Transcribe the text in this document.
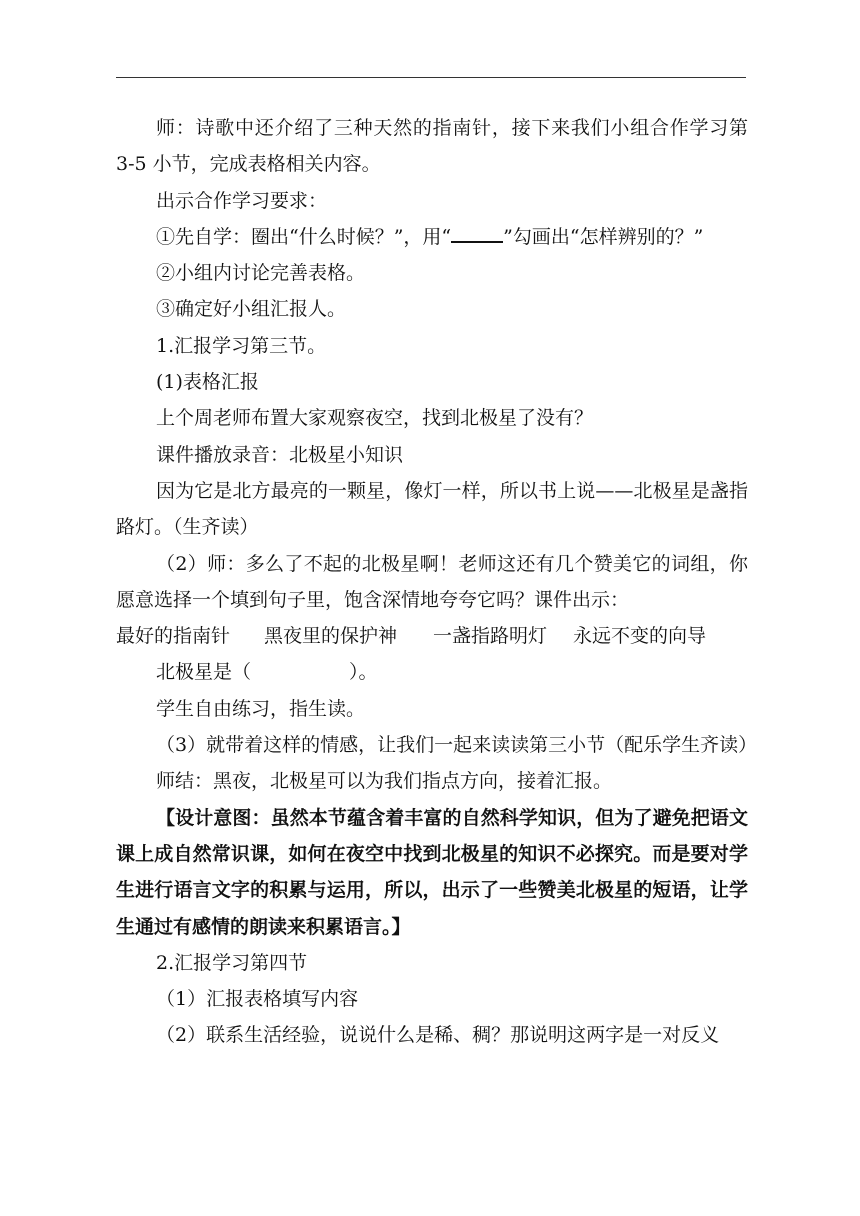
师：诗歌中还介绍了三种天然的指南针，接下来我们小组合作学习第 3-5 小节，完成表格相关内容。

出示合作学习要求：

①先自学：圈出“什么时候？”，用“	”勾画出“怎样辨别的？”

②小组内讨论完善表格。

③确定好小组汇报人。

1.汇报学习第三节。

(1)表格汇报

上个周老师布置大家观察夜空，找到北极星了没有？

课件播放录音：北极星小知识

因为它是北方最亮的一颗星，像灯一样，所以书上说——北极星是盏指路灯。（生齐读）

（2）师：多么了不起的北极星啊！老师这还有几个赞美它的词组，你愿意选择一个填到句子里，饱含深情地夸夸它吗？课件出示：

最好的指南针 黑夜里的保护神 一盏指路明灯 永远不变的向导

北极星是（	）。

学生自由练习，指生读。

（3）就带着这样的情感，让我们一起来读读第三小节（配乐学生齐读）

师结：黑夜，北极星可以为我们指点方向，接着汇报。

【设计意图：虽然本节蕴含着丰富的自然科学知识，但为了避免把语文课上成自然常识课，如何在夜空中找到北极星的知识不必探究。而是要对学生进行语言文字的积累与运用，所以，出示了一些赞美北极星的短语，让学生通过有感情的朗读来积累语言。】

2.汇报学习第四节

（1）汇报表格填写内容

（2）联系生活经验，说说什么是稀、稠？那说明这两字是一对反义
